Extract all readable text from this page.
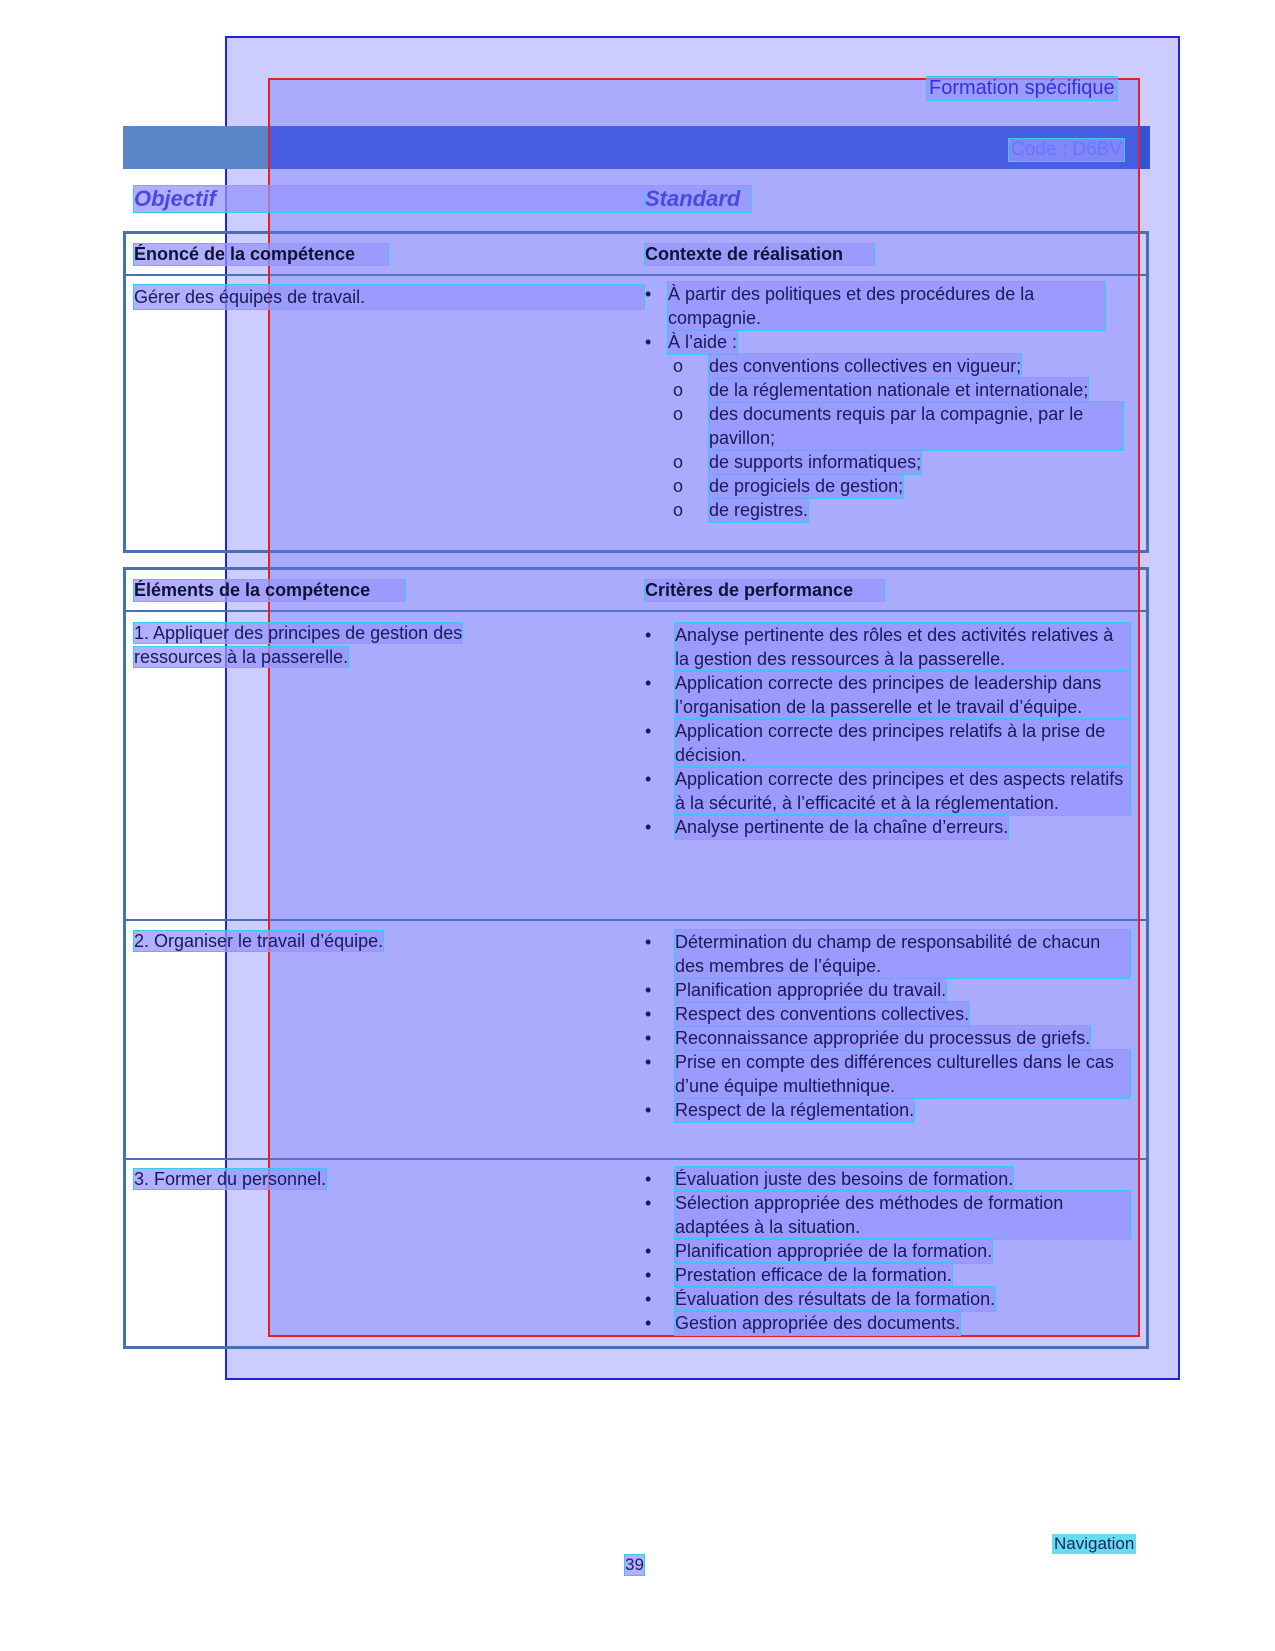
Formation spécifique
Code : D6BV
Objectif	Standard
Énoncé de la compétence	Contexte de réalisation
Gérer des équipes de travail.	• À partir des politiques et des procédures de la compagnie.
• À l’aide :
o des conventions collectives en vigueur;
o de la réglementation nationale et internationale;
o des documents requis par la compagnie, par le pavillon;
o de supports informatiques;
o de progiciels de gestion;
o de registres.
Éléments de la compétence	Critères de performance
1. Appliquer des principes de gestion des ressources à la passerelle.
•	Analyse pertinente des rôles et des activités relatives à la gestion des ressources à la passerelle.
•	Application correcte des principes de leadership dans l’organisation de la passerelle et le travail d’équipe.
•	Application correcte des principes relatifs à la prise de décision.
•	Application correcte des principes et des aspects relatifs à la sécurité, à l’efficacité et à la réglementation.
•	Analyse pertinente de la chaîne d’erreurs.
2. Organiser le travail d’équipe.	•	Détermination du champ de responsabilité de chacun des membres de l’équipe.
•	Planification appropriée du travail.
•	Respect des conventions collectives.
•	Reconnaissance appropriée du processus de griefs.
•	Prise en compte des différences culturelles dans le cas d’une équipe multiethnique.
•	Respect de la réglementation.
3. Former du personnel.	•	Évaluation juste des besoins de formation.
•	Sélection appropriée des méthodes de formation adaptées à la situation.
•	Planification appropriée de la formation.
•	Prestation efficace de la formation.
•	Évaluation des résultats de la formation.
•	Gestion appropriée des documents.
Navigation
39
